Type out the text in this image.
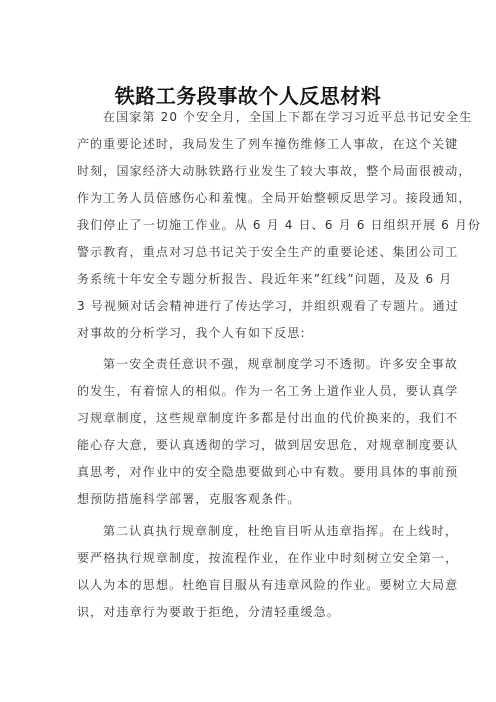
铁路工务段事故个人反思材料
在国家第 20 个安全月，全国上下都在学习习近平总书记安全生
产的重要论述时，我局发生了列车撞伤维修工人事故，在这个关键
时刻，国家经济大动脉铁路行业发生了较大事故，整个局面很被动，
作为工务人员倍感伤心和羞愧。全局开始整顿反思学习。接段通知，
我们停止了一切施工作业。从 6 月 4 日、6 月 6 日组织开展 6 月份
警示教育，重点对习总书记关于安全生产的重要论述、集团公司工
务系统十年安全专题分析报告、段近年来”红线”问题，及及 6 月
3 号视频对话会精神进行了传达学习，并组织观看了专题片。通过
对事故的分析学习，我个人有如下反思:
第一安全责任意识不强，规章制度学习不透彻。许多安全事故
的发生，有着惊人的相似。作为一名工务上道作业人员，要认真学
习规章制度，这些规章制度许多都是付出血的代价换来的，我们不
能心存大意，要认真透彻的学习，做到居安思危，对规章制度要认
真思考，对作业中的安全隐患要做到心中有数。要用具体的事前预
想预防措施科学部署，克服客观条件。
第二认真执行规章制度，杜绝盲目听从违章指挥。在上线时，
要严格执行规章制度，按流程作业，在作业中时刻树立安全第一，
以人为本的思想。杜绝盲目服从有违章风险的作业。要树立大局意
识，对违章行为要敢于拒绝，分清轻重缓急。
